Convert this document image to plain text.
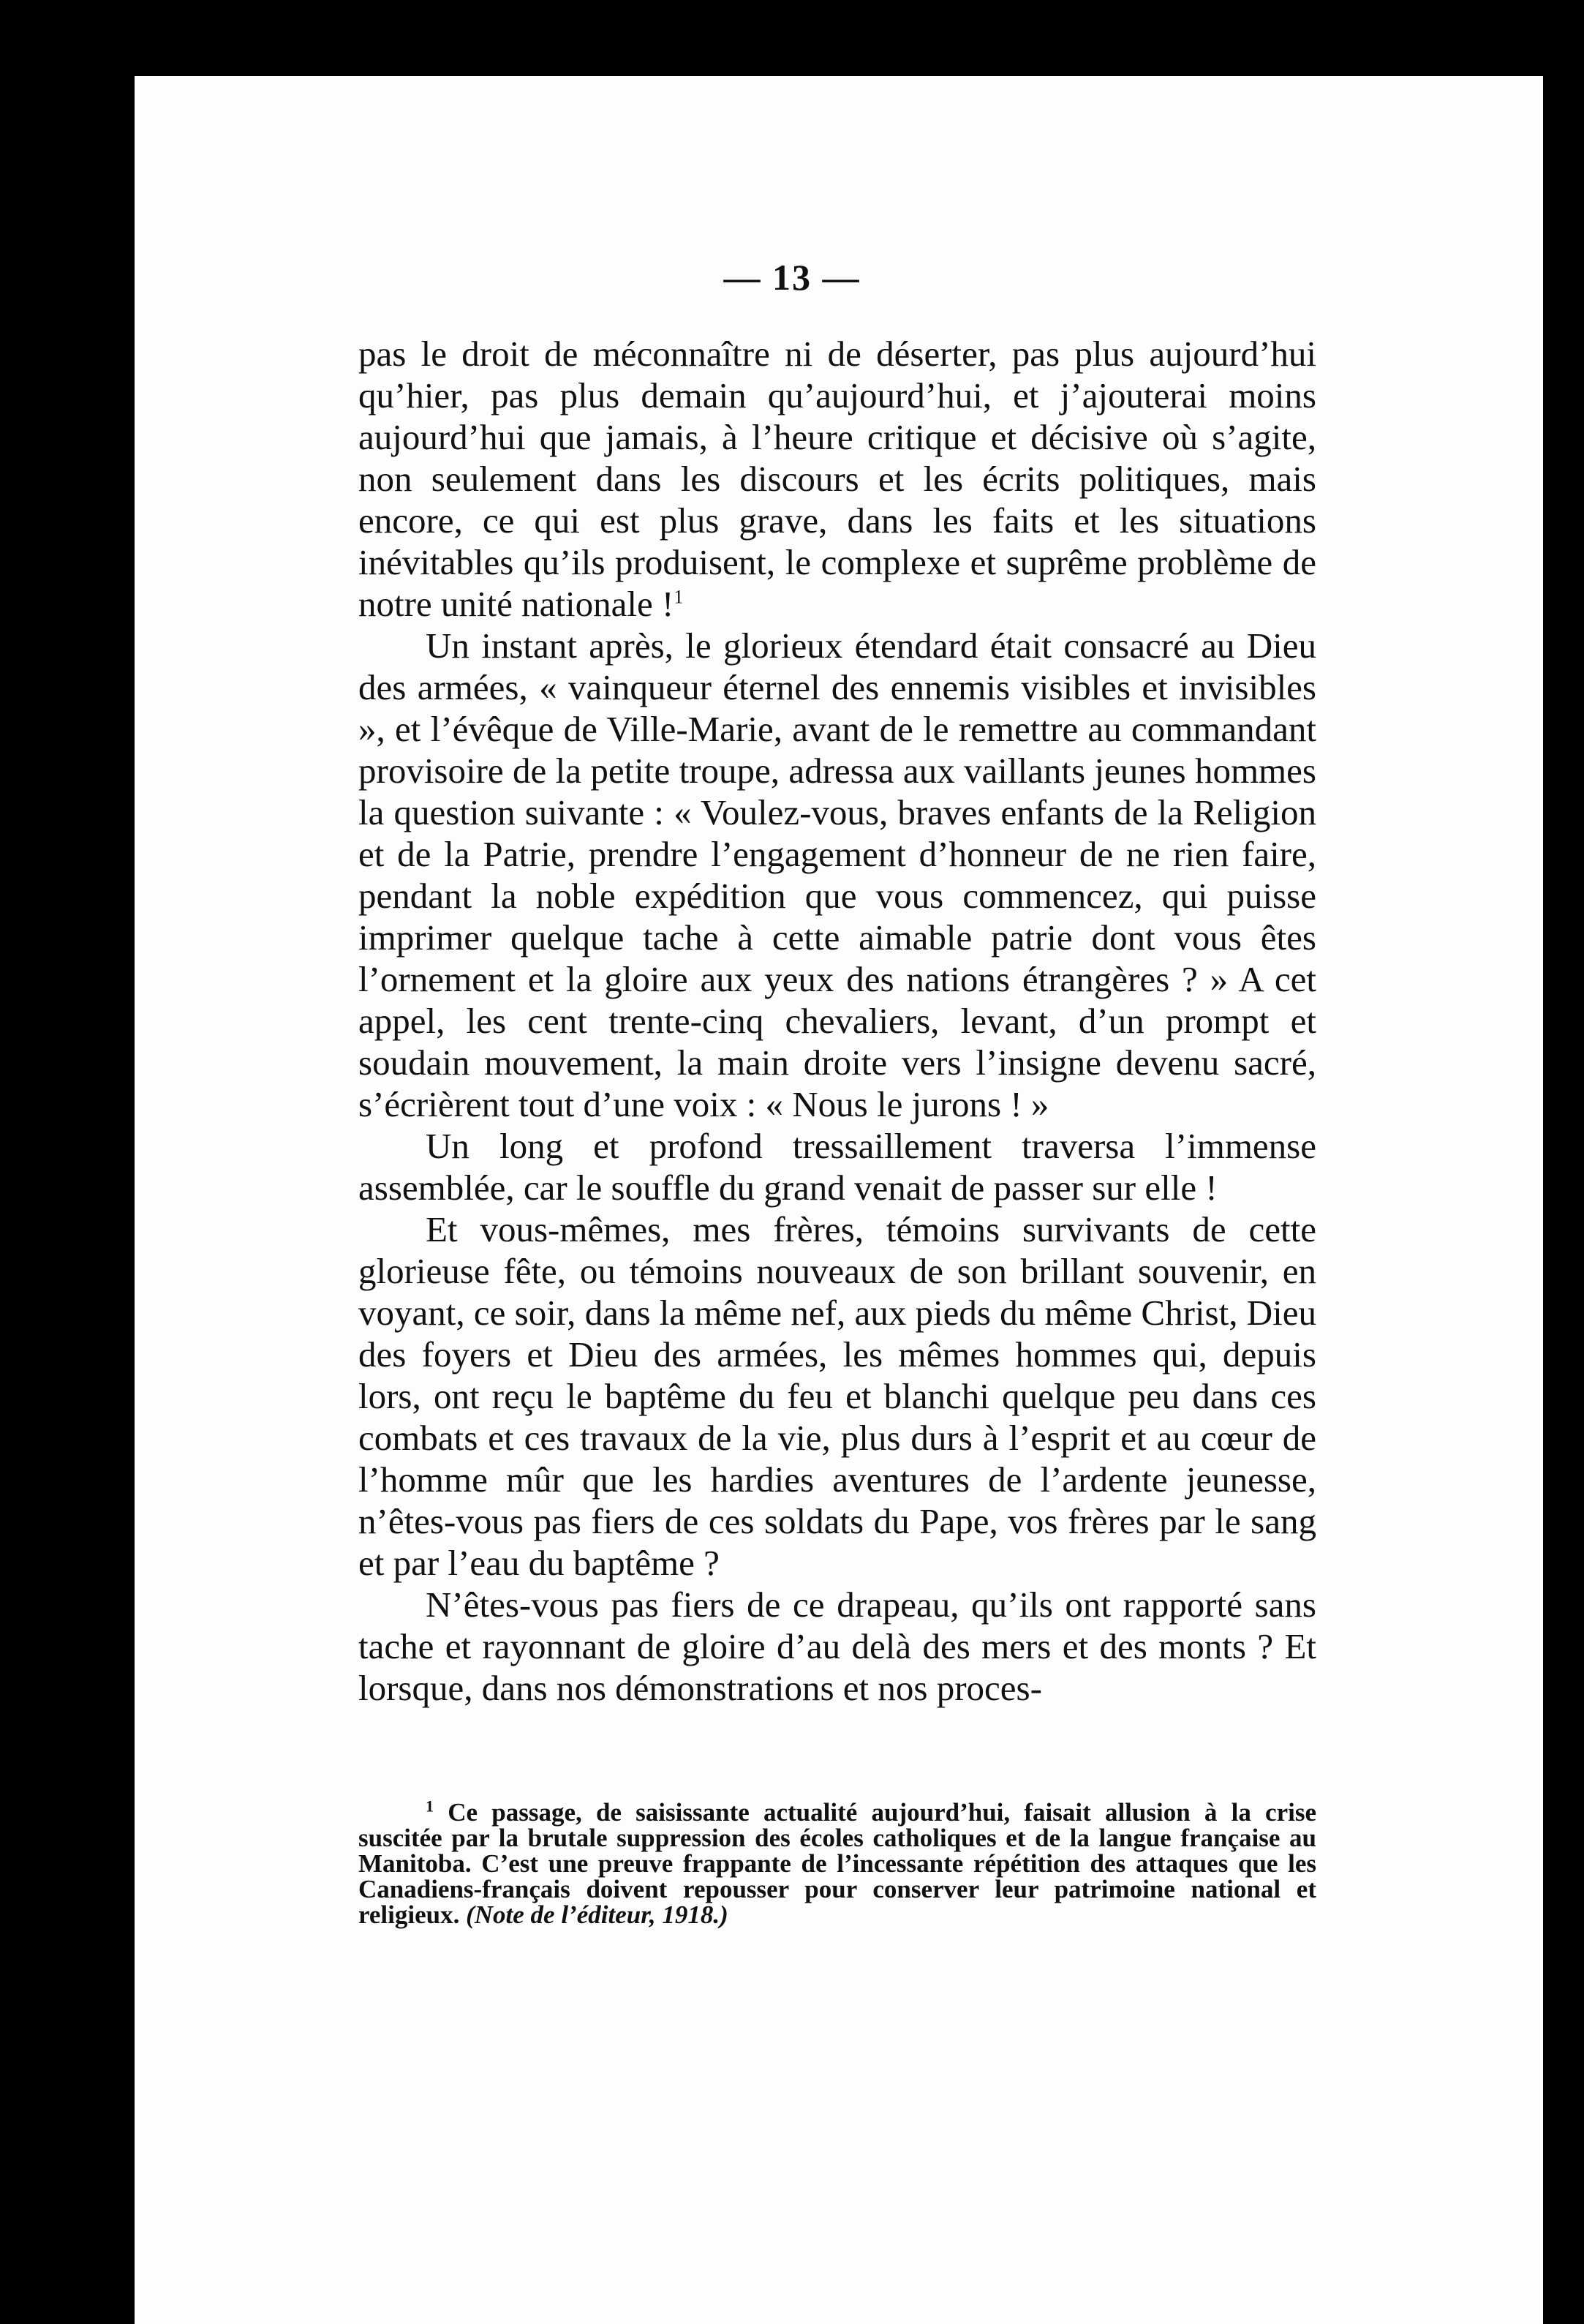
— 13 —

pas le droit de méconnaître ni de déserter, pas plus aujourd’hui qu’hier, pas plus demain qu’aujourd’hui, et j’ajouterai moins aujourd’hui que jamais, à l’heure critique et décisive où s’agite, non seulement dans les discours et les écrits politiques, mais encore, ce qui est plus grave, dans les faits et les situations inévitables qu’ils produisent, le complexe et suprême problème de notre unité nationale !$^1$

Un instant après, le glorieux étendard était consacré au Dieu des armées, « vainqueur éternel des ennemis visibles et invisibles », et l’évêque de Ville-Marie, avant de le remettre au commandant provisoire de la petite troupe, adressa aux vaillants jeunes hommes la question suivante : « Voulez-vous, braves enfants de la Religion et de la Patrie, prendre l’engagement d’honneur de ne rien faire, pendant la noble expédition que vous commencez, qui puisse imprimer quelque tache à cette aimable patrie dont vous êtes l’ornement et la gloire aux yeux des nations étrangères ? » A cet appel, les cent trente-cinq chevaliers, levant, d’un prompt et soudain mouvement, la main droite vers l’insigne devenu sacré, s’écrièrent tout d’une voix : « Nous le jurons ! »

Un long et profond tressaillement traversa l’immense assemblée, car le souffle du grand venait de passer sur elle !

Et vous-mêmes, mes frères, témoins survivants de cette glorieuse fête, ou témoins nouveaux de son brillant souvenir, en voyant, ce soir, dans la même nef, aux pieds du même Christ, Dieu des foyers et Dieu des armées, les mêmes hommes qui, depuis lors, ont reçu le baptême du feu et blanchi quelque peu dans ces combats et ces travaux de la vie, plus durs à l’esprit et au cœur de l’homme mûr que les hardies aventures de l’ardente jeunesse, n’êtes-vous pas fiers de ces soldats du Pape, vos frères par le sang et par l’eau du baptême ?

N’êtes-vous pas fiers de ce drapeau, qu’ils ont rapporté sans tache et rayonnant de gloire d’au delà des mers et des monts ? Et lorsque, dans nos démonstrations et nos proces-

$^1$ Ce passage, de saisissante actualité aujourd’hui, faisait allusion à la crise suscitée par la brutale suppression des écoles catholiques et de la langue française au Manitoba. C’est une preuve frappante de l’incessante répétition des attaques que les Canadiens-français doivent repousser pour conserver leur patrimoine national et religieux. (Note de l’éditeur, 1918.)
